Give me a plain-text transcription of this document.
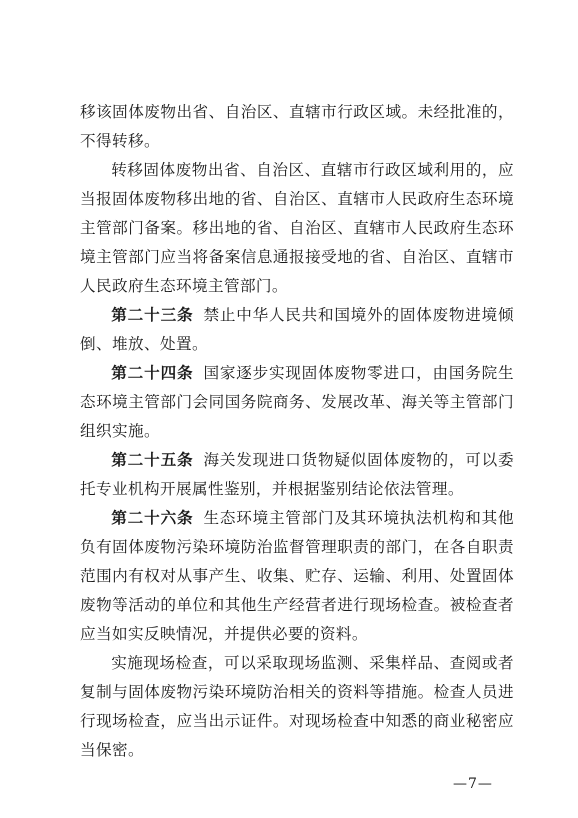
移该固体废物出省、自治区、直辖市行政区域。未经批准的，不得转移。

转移固体废物出省、自治区、直辖市行政区域利用的，应当报固体废物移出地的省、自治区、直辖市人民政府生态环境主管部门备案。移出地的省、自治区、直辖市人民政府生态环境主管部门应当将备案信息通报接受地的省、自治区、直辖市人民政府生态环境主管部门。

第二十三条 禁止中华人民共和国境外的固体废物进境倾倒、堆放、处置。

第二十四条 国家逐步实现固体废物零进口，由国务院生态环境主管部门会同国务院商务、发展改革、海关等主管部门组织实施。

第二十五条 海关发现进口货物疑似固体废物的，可以委托专业机构开展属性鉴别，并根据鉴别结论依法管理。

第二十六条 生态环境主管部门及其环境执法机构和其他负有固体废物污染环境防治监督管理职责的部门，在各自职责范围内有权对从事产生、收集、贮存、运输、利用、处置固体废物等活动的单位和其他生产经营者进行现场检查。被检查者应当如实反映情况，并提供必要的资料。

实施现场检查，可以采取现场监测、采集样品、查阅或者复制与固体废物污染环境防治相关的资料等措施。检查人员进行现场检查，应当出示证件。对现场检查中知悉的商业秘密应当保密。

—7—
